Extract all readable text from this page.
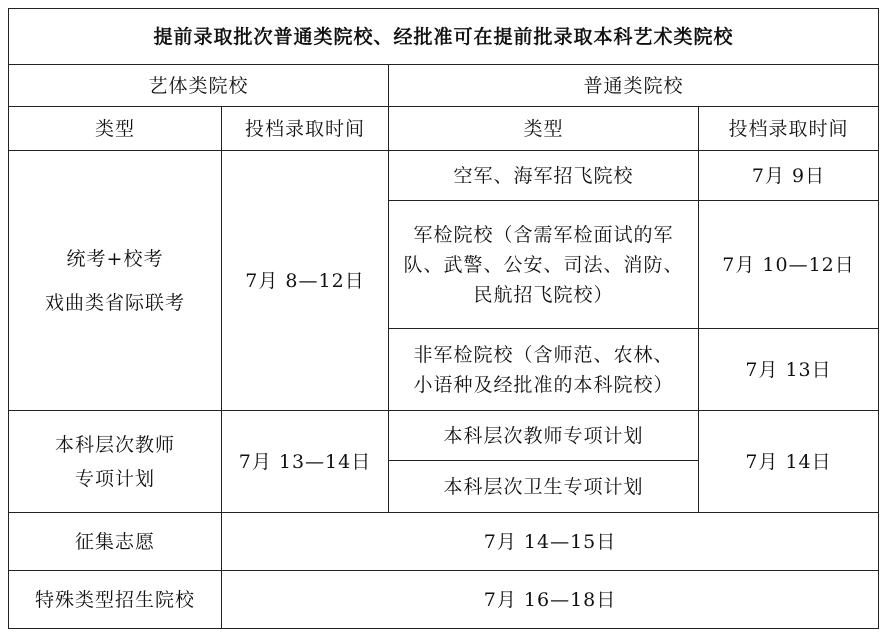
提前录取批次普通类院校、经批准可在提前批录取本科艺术类院校			
艺体类院校		普通类院校	
类型	投档录取时间	类型	投档录取时间

统考+校考
戏曲类省际联考	7月 8—12日	空军、海军招飞院校	7月 9日

		军检院校（含需军检面试的军
队、武警、公安、司法、消防、
民航招飞院校）	7月 10—12日

		非军检院校（含师范、农林、
小语种及经批准的本科院校）	7月 13日

本科层次教师
专项计划	7月 13—14日	本科层次教师专项计划	7月 14日
		本科层次卫生专项计划	
征集志愿	7月 14—15日		
特殊类型招生院校	7月 16—18日		
